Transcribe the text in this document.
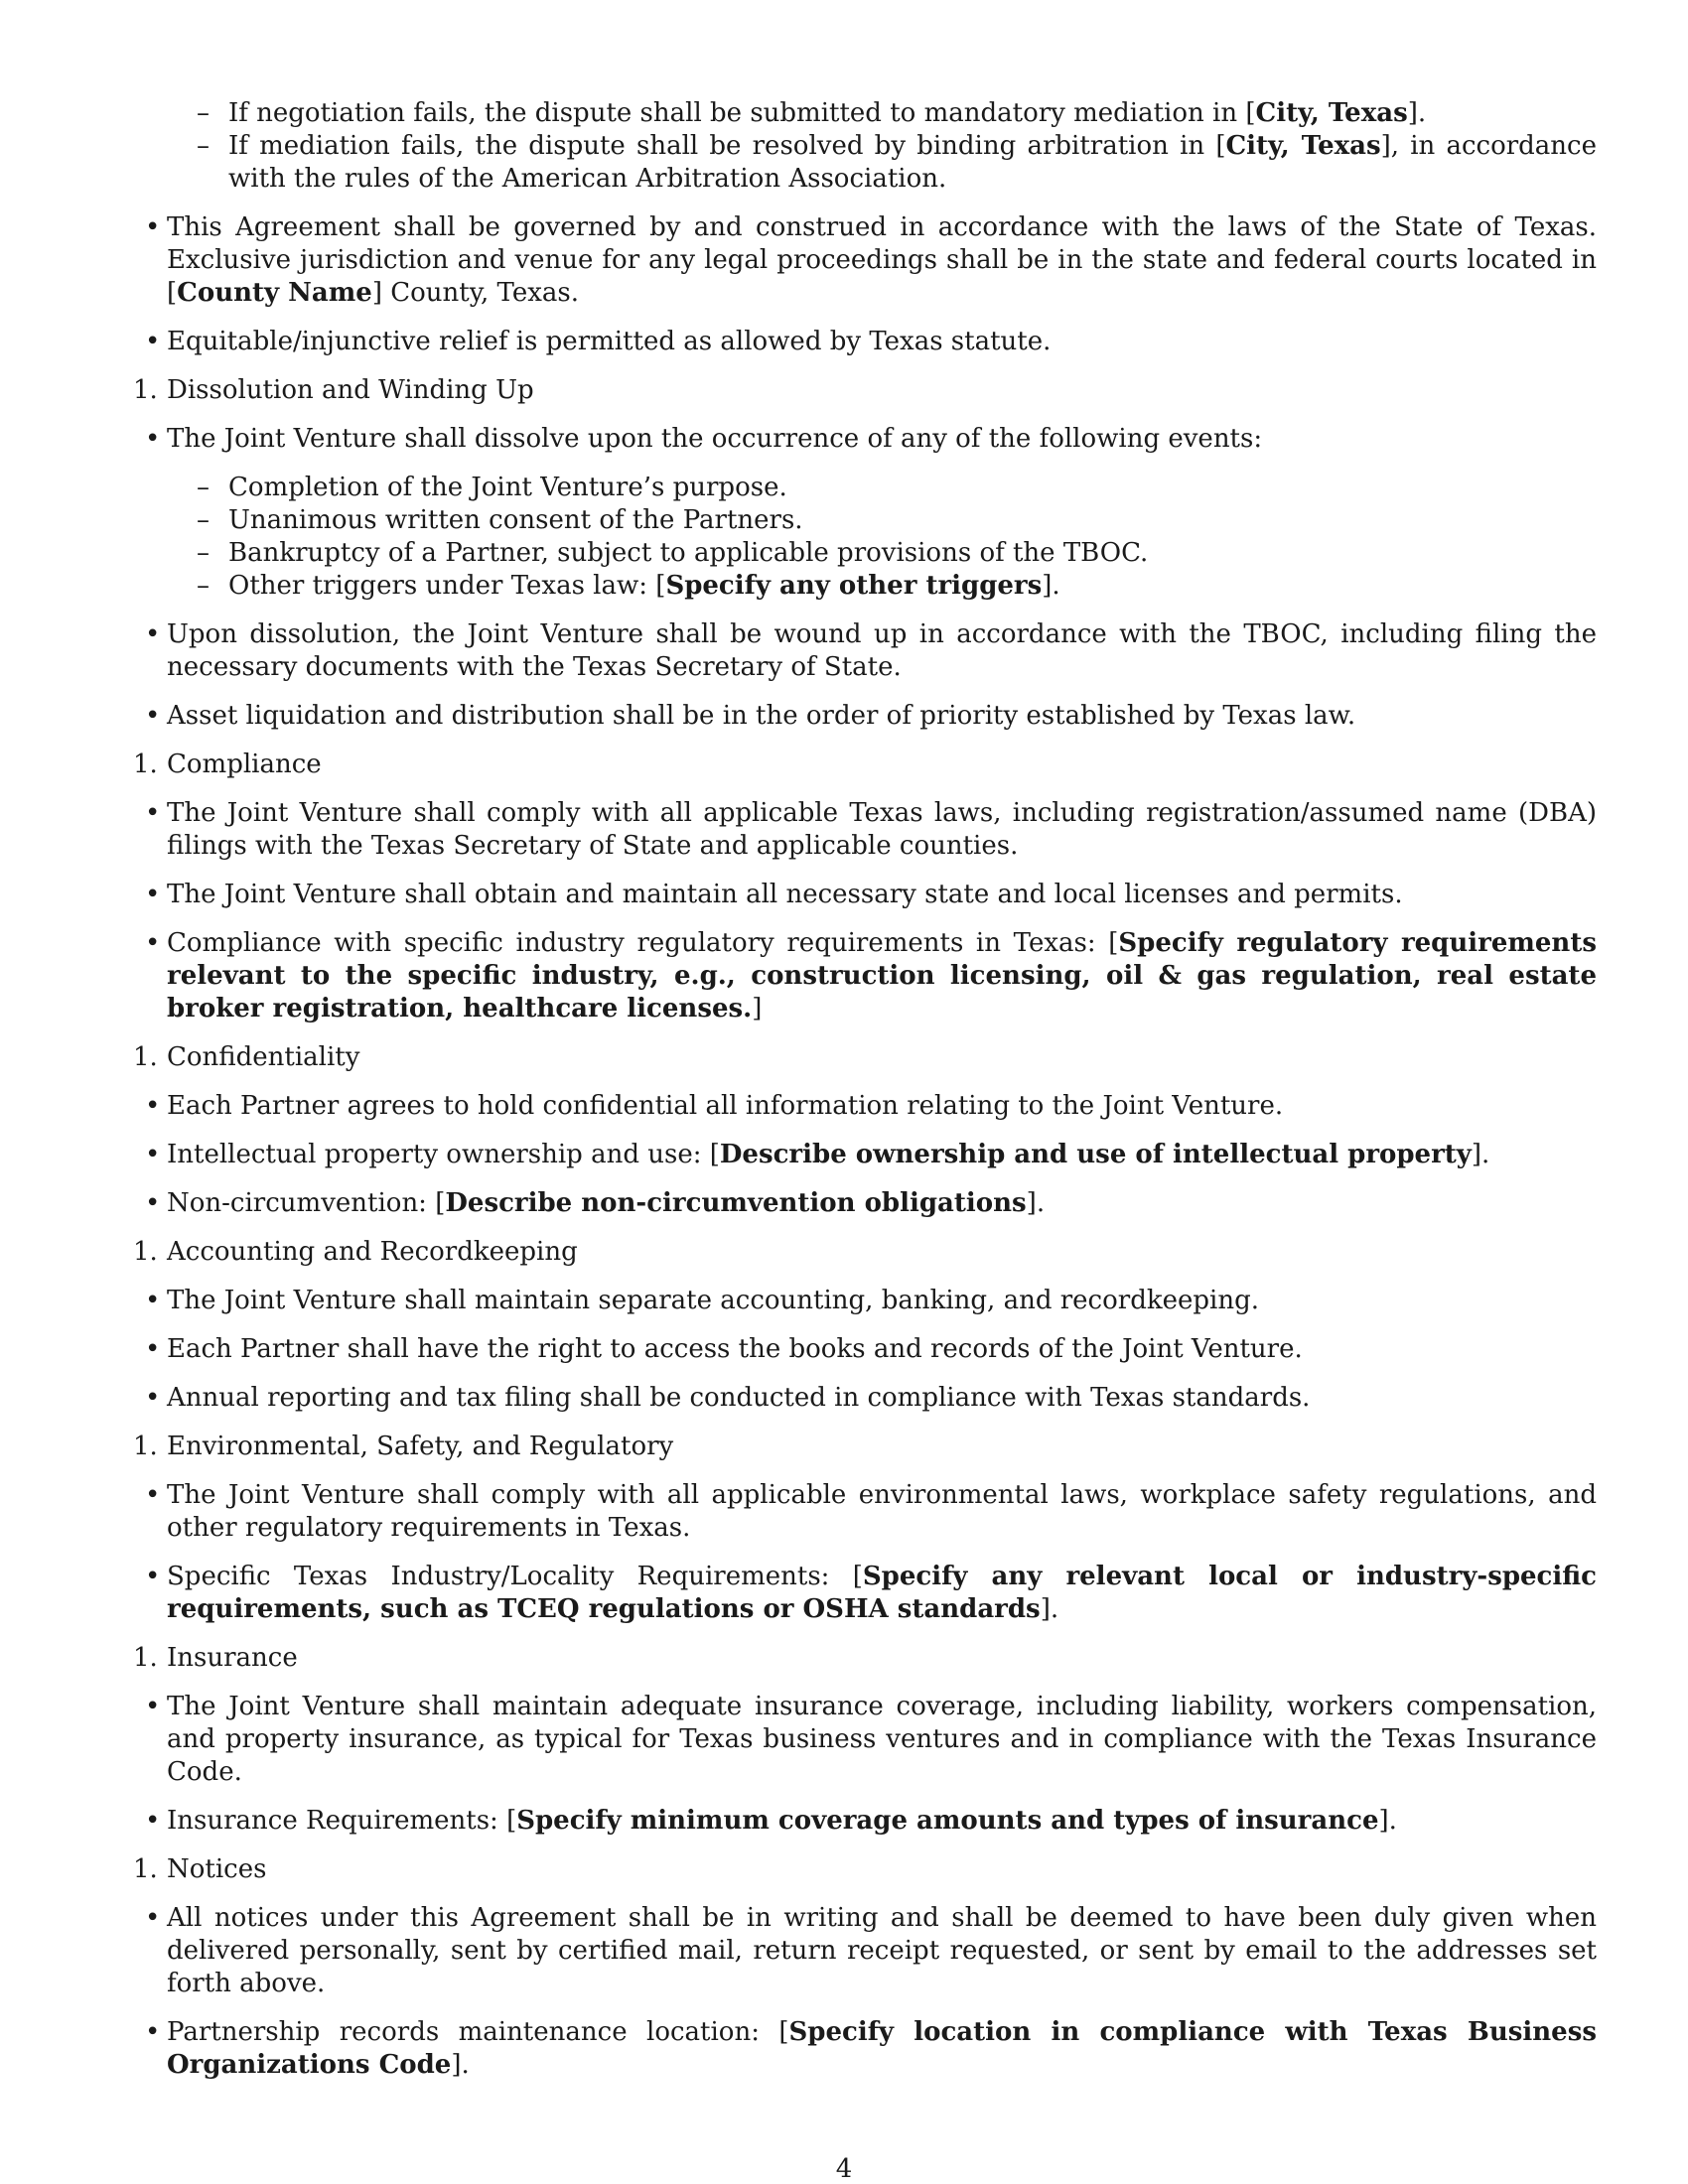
– If negotiation fails, the dispute shall be submitted to mandatory mediation in [City, Texas].
– If mediation fails, the dispute shall be resolved by binding arbitration in [City, Texas], in accordance with the rules of the American Arbitration Association.
• This Agreement shall be governed by and construed in accordance with the laws of the State of Texas. Exclusive jurisdiction and venue for any legal proceedings shall be in the state and federal courts located in [County Name] County, Texas.
• Equitable/injunctive relief is permitted as allowed by Texas statute.
1. Dissolution and Winding Up
• The Joint Venture shall dissolve upon the occurrence of any of the following events:
– Completion of the Joint Venture’s purpose.
– Unanimous written consent of the Partners.
– Bankruptcy of a Partner, subject to applicable provisions of the TBOC.
– Other triggers under Texas law: [Specify any other triggers].
• Upon dissolution, the Joint Venture shall be wound up in accordance with the TBOC, including filing the necessary documents with the Texas Secretary of State.
• Asset liquidation and distribution shall be in the order of priority established by Texas law.
1. Compliance
• The Joint Venture shall comply with all applicable Texas laws, including registration/assumed name (DBA) filings with the Texas Secretary of State and applicable counties.
• The Joint Venture shall obtain and maintain all necessary state and local licenses and permits.
• Compliance with specific industry regulatory requirements in Texas: [Specify regulatory requirements relevant to the specific industry, e.g., construction licensing, oil & gas regulation, real estate broker registration, healthcare licenses.]
1. Confidentiality
• Each Partner agrees to hold confidential all information relating to the Joint Venture.
• Intellectual property ownership and use: [Describe ownership and use of intellectual property].
• Non-circumvention: [Describe non-circumvention obligations].
1. Accounting and Recordkeeping
• The Joint Venture shall maintain separate accounting, banking, and recordkeeping.
• Each Partner shall have the right to access the books and records of the Joint Venture.
• Annual reporting and tax filing shall be conducted in compliance with Texas standards.
1. Environmental, Safety, and Regulatory
• The Joint Venture shall comply with all applicable environmental laws, workplace safety regulations, and other regulatory requirements in Texas.
• Specific Texas Industry/Locality Requirements: [Specify any relevant local or industry-specific requirements, such as TCEQ regulations or OSHA standards].
1. Insurance
• The Joint Venture shall maintain adequate insurance coverage, including liability, workers compensation, and property insurance, as typical for Texas business ventures and in compliance with the Texas Insurance Code.
• Insurance Requirements: [Specify minimum coverage amounts and types of insurance].
1. Notices
• All notices under this Agreement shall be in writing and shall be deemed to have been duly given when delivered personally, sent by certified mail, return receipt requested, or sent by email to the addresses set forth above.
• Partnership records maintenance location: [Specify location in compliance with Texas Business Organizations Code].
4
